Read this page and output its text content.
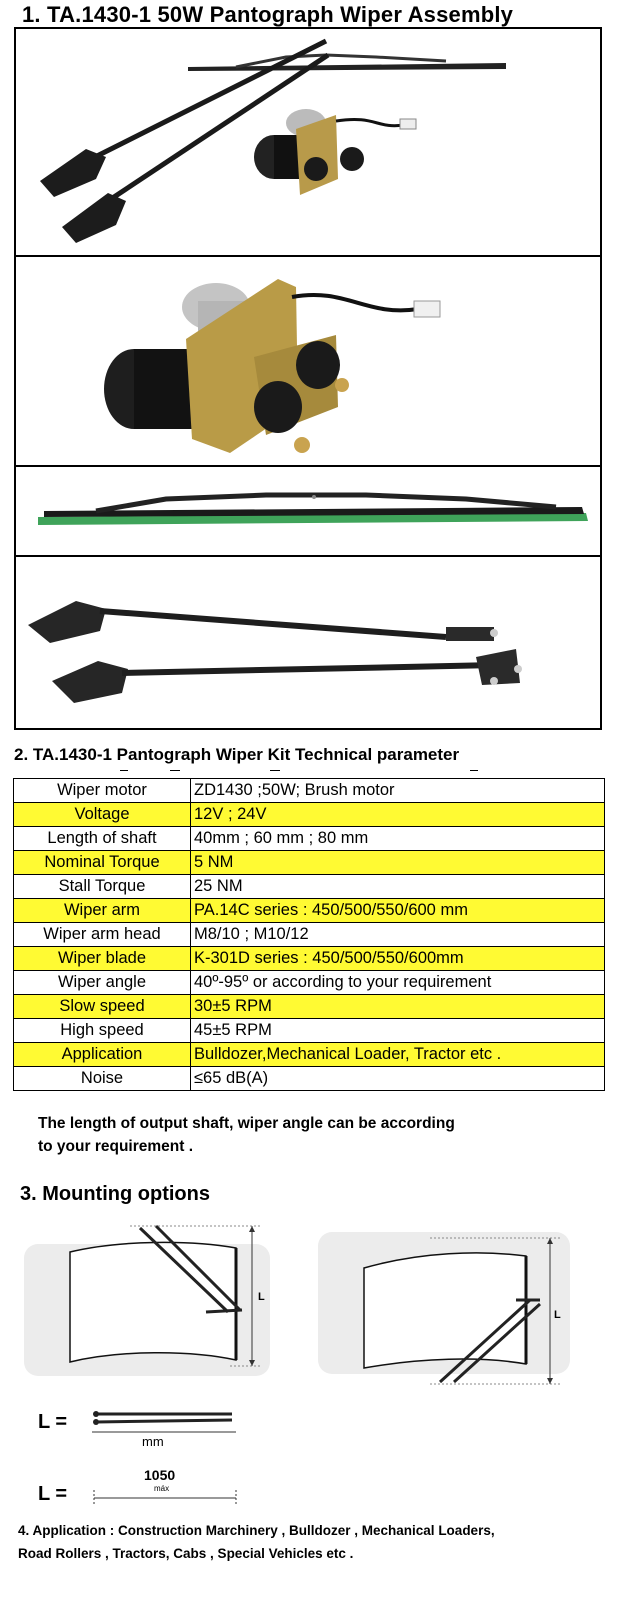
1. TA.1430-1 50W Pantograph Wiper Assembly
2. TA.1430-1 Pantograph Wiper Kit Technical parameter
Wiper motor	ZD1430 ;50W; Brush motor
Voltage	12V ; 24V
Length of shaft	40mm ; 60 mm ; 80 mm
Nominal Torque	5 NM
Stall Torque	25 NM
Wiper arm	PA.14C series : 450/500/550/600 mm
Wiper arm head	M8/10 ; M10/12
Wiper blade	K-301D series : 450/500/550/600mm
Wiper angle	40º-95º or according to your requirement
Slow speed	30±5 RPM
High speed	45±5 RPM
Application	Bulldozer,Mechanical Loader, Tractor etc .
Noise	≤65 dB(A)
The length of output shaft, wiper angle can be according
to your requirement .
3. Mounting options
L
L
L =
mm
L =
1050
máx
4. Application : Construction Marchinery , Bulldozer , Mechanical Loaders,
Road Rollers , Tractors, Cabs , Special Vehicles etc .
